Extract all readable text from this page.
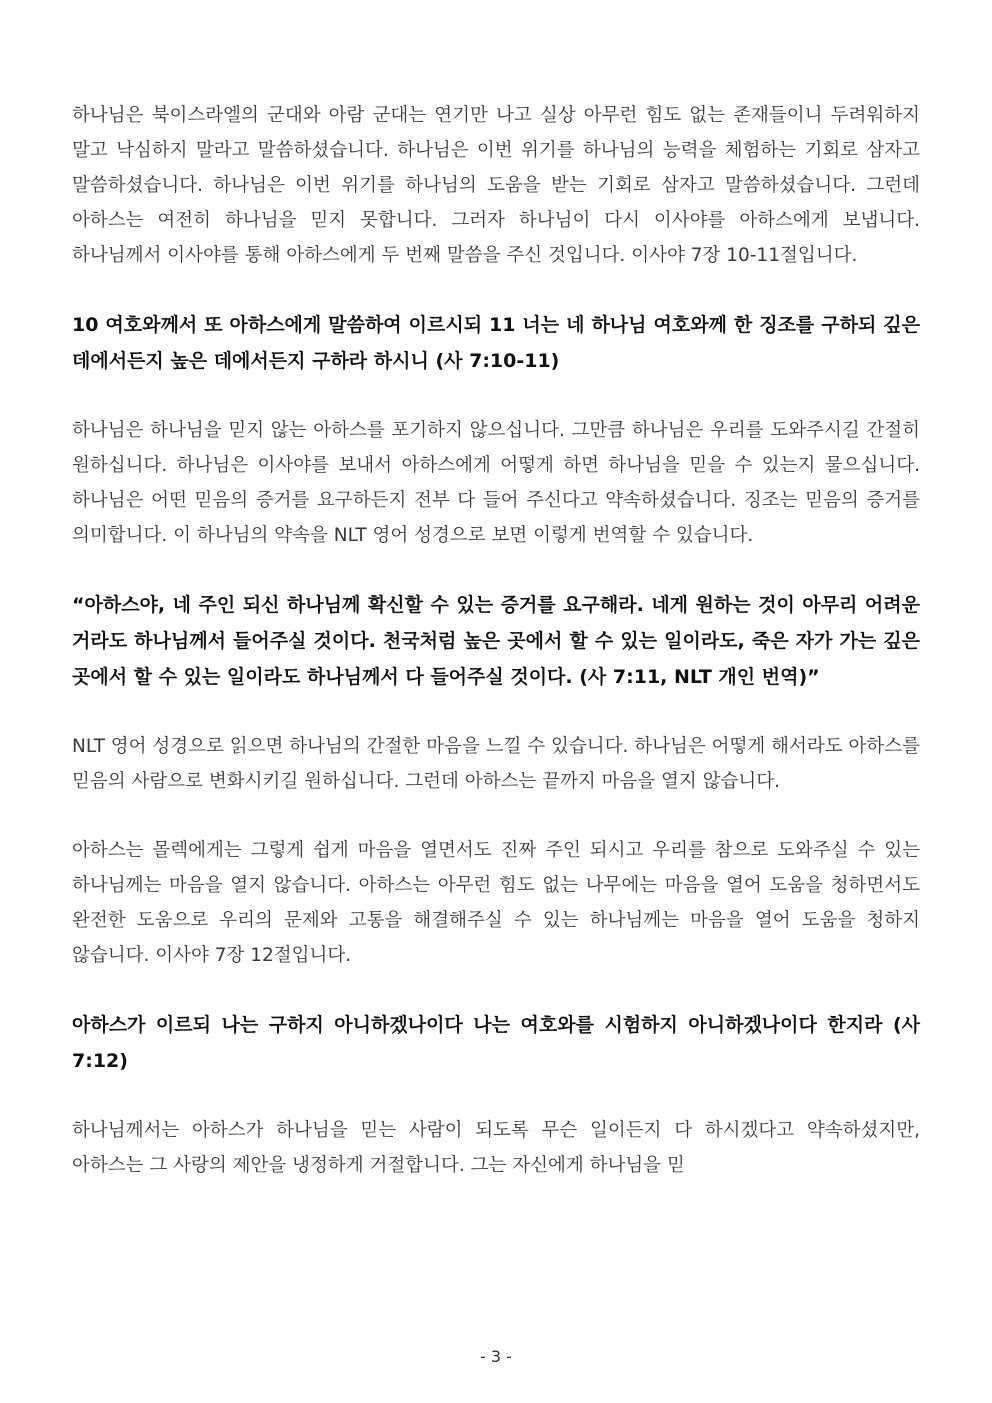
하나님은 북이스라엘의 군대와 아람 군대는 연기만 나고 실상 아무런 힘도 없는 존재들이니 두려워하지 말고 낙심하지 말라고 말씀하셨습니다. 하나님은 이번 위기를 하나님의 능력을 체험하는 기회로 삼자고 말씀하셨습니다. 하나님은 이번 위기를 하나님의 도움을 받는 기회로 삼자고 말씀하셨습니다. 그런데 아하스는 여전히 하나님을 믿지 못합니다. 그러자 하나님이 다시 이사야를 아하스에게 보냅니다. 하나님께서 이사야를 통해 아하스에게 두 번째 말씀을 주신 것입니다. 이사야 7장 10-11절입니다.

10 여호와께서 또 아하스에게 말씀하여 이르시되 11 너는 네 하나님 여호와께 한 징조를 구하되 깊은 데에서든지 높은 데에서든지 구하라 하시니 (사 7:10-11)

하나님은 하나님을 믿지 않는 아하스를 포기하지 않으십니다. 그만큼 하나님은 우리를 도와주시길 간절히 원하십니다. 하나님은 이사야를 보내서 아하스에게 어떻게 하면 하나님을 믿을 수 있는지 물으십니다. 하나님은 어떤 믿음의 증거를 요구하든지 전부 다 들어 주신다고 약속하셨습니다. 징조는 믿음의 증거를 의미합니다. 이 하나님의 약속을 NLT 영어 성경으로 보면 이렇게 번역할 수 있습니다.

“아하스야, 네 주인 되신 하나님께 확신할 수 있는 증거를 요구해라. 네게 원하는 것이 아무리 어려운 거라도 하나님께서 들어주실 것이다. 천국처럼 높은 곳에서 할 수 있는 일이라도, 죽은 자가 가는 깊은 곳에서 할 수 있는 일이라도 하나님께서 다 들어주실 것이다. (사 7:11, NLT 개인 번역)”

NLT 영어 성경으로 읽으면 하나님의 간절한 마음을 느낄 수 있습니다. 하나님은 어떻게 해서라도 아하스를 믿음의 사람으로 변화시키길 원하십니다. 그런데 아하스는 끝까지 마음을 열지 않습니다.

아하스는 몰렉에게는 그렇게 쉽게 마음을 열면서도 진짜 주인 되시고 우리를 참으로 도와주실 수 있는 하나님께는 마음을 열지 않습니다. 아하스는 아무런 힘도 없는 나무에는 마음을 열어 도움을 청하면서도 완전한 도움으로 우리의 문제와 고통을 해결해주실 수 있는 하나님께는 마음을 열어 도움을 청하지 않습니다. 이사야 7장 12절입니다.

아하스가 이르되 나는 구하지 아니하겠나이다 나는 여호와를 시험하지 아니하겠나이다 한지라 (사 7:12)

하나님께서는 아하스가 하나님을 믿는 사람이 되도록 무슨 일이든지 다 하시겠다고 약속하셨지만, 아하스는 그 사랑의 제안을 냉정하게 거절합니다. 그는 자신에게 하나님을 믿

- 3 -
